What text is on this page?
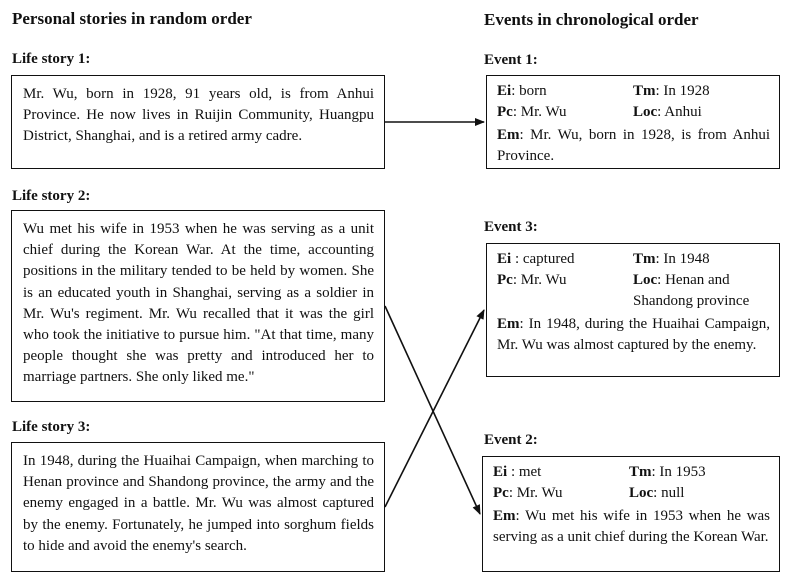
Personal stories in random order	Events in chronological order
Life story 1:
Mr. Wu, born in 1928, 91 years old, is from Anhui Province. He now lives in Ruijin Community, Huangpu District, Shanghai, and is a retired army cadre.
Life story 2:
Wu met his wife in 1953 when he was serving as a unit chief during the Korean War. At the time, accounting positions in the military tended to be held by women. She is an educated youth in Shanghai, serving as a soldier in Mr. Wu's regiment. Mr. Wu recalled that it was the girl who took the initiative to pursue him. "At that time, many people thought she was pretty and introduced her to marriage partners. She only liked me."
Life story 3:
In 1948, during the Huaihai Campaign, when marching to Henan province and Shandong province, the army and the enemy engaged in a battle. Mr. Wu was almost captured by the enemy. Fortunately, he jumped into sorghum fields to hide and avoid the enemy's search.
Event 1:
Ei: born	Tm: In 1928
Pc: Mr. Wu	Loc: Anhui
Em: Mr. Wu, born in 1928, is from Anhui Province.
Event 3:
Ei : captured	Tm: In 1948
Pc: Mr. Wu	Loc: Henan and Shandong province
Em: In 1948, during the Huaihai Campaign, Mr. Wu was almost captured by the enemy.
Event 2:
Ei : met	Tm: In 1953
Pc: Mr. Wu	Loc: null
Em: Wu met his wife in 1953 when he was serving as a unit chief during the Korean War.
